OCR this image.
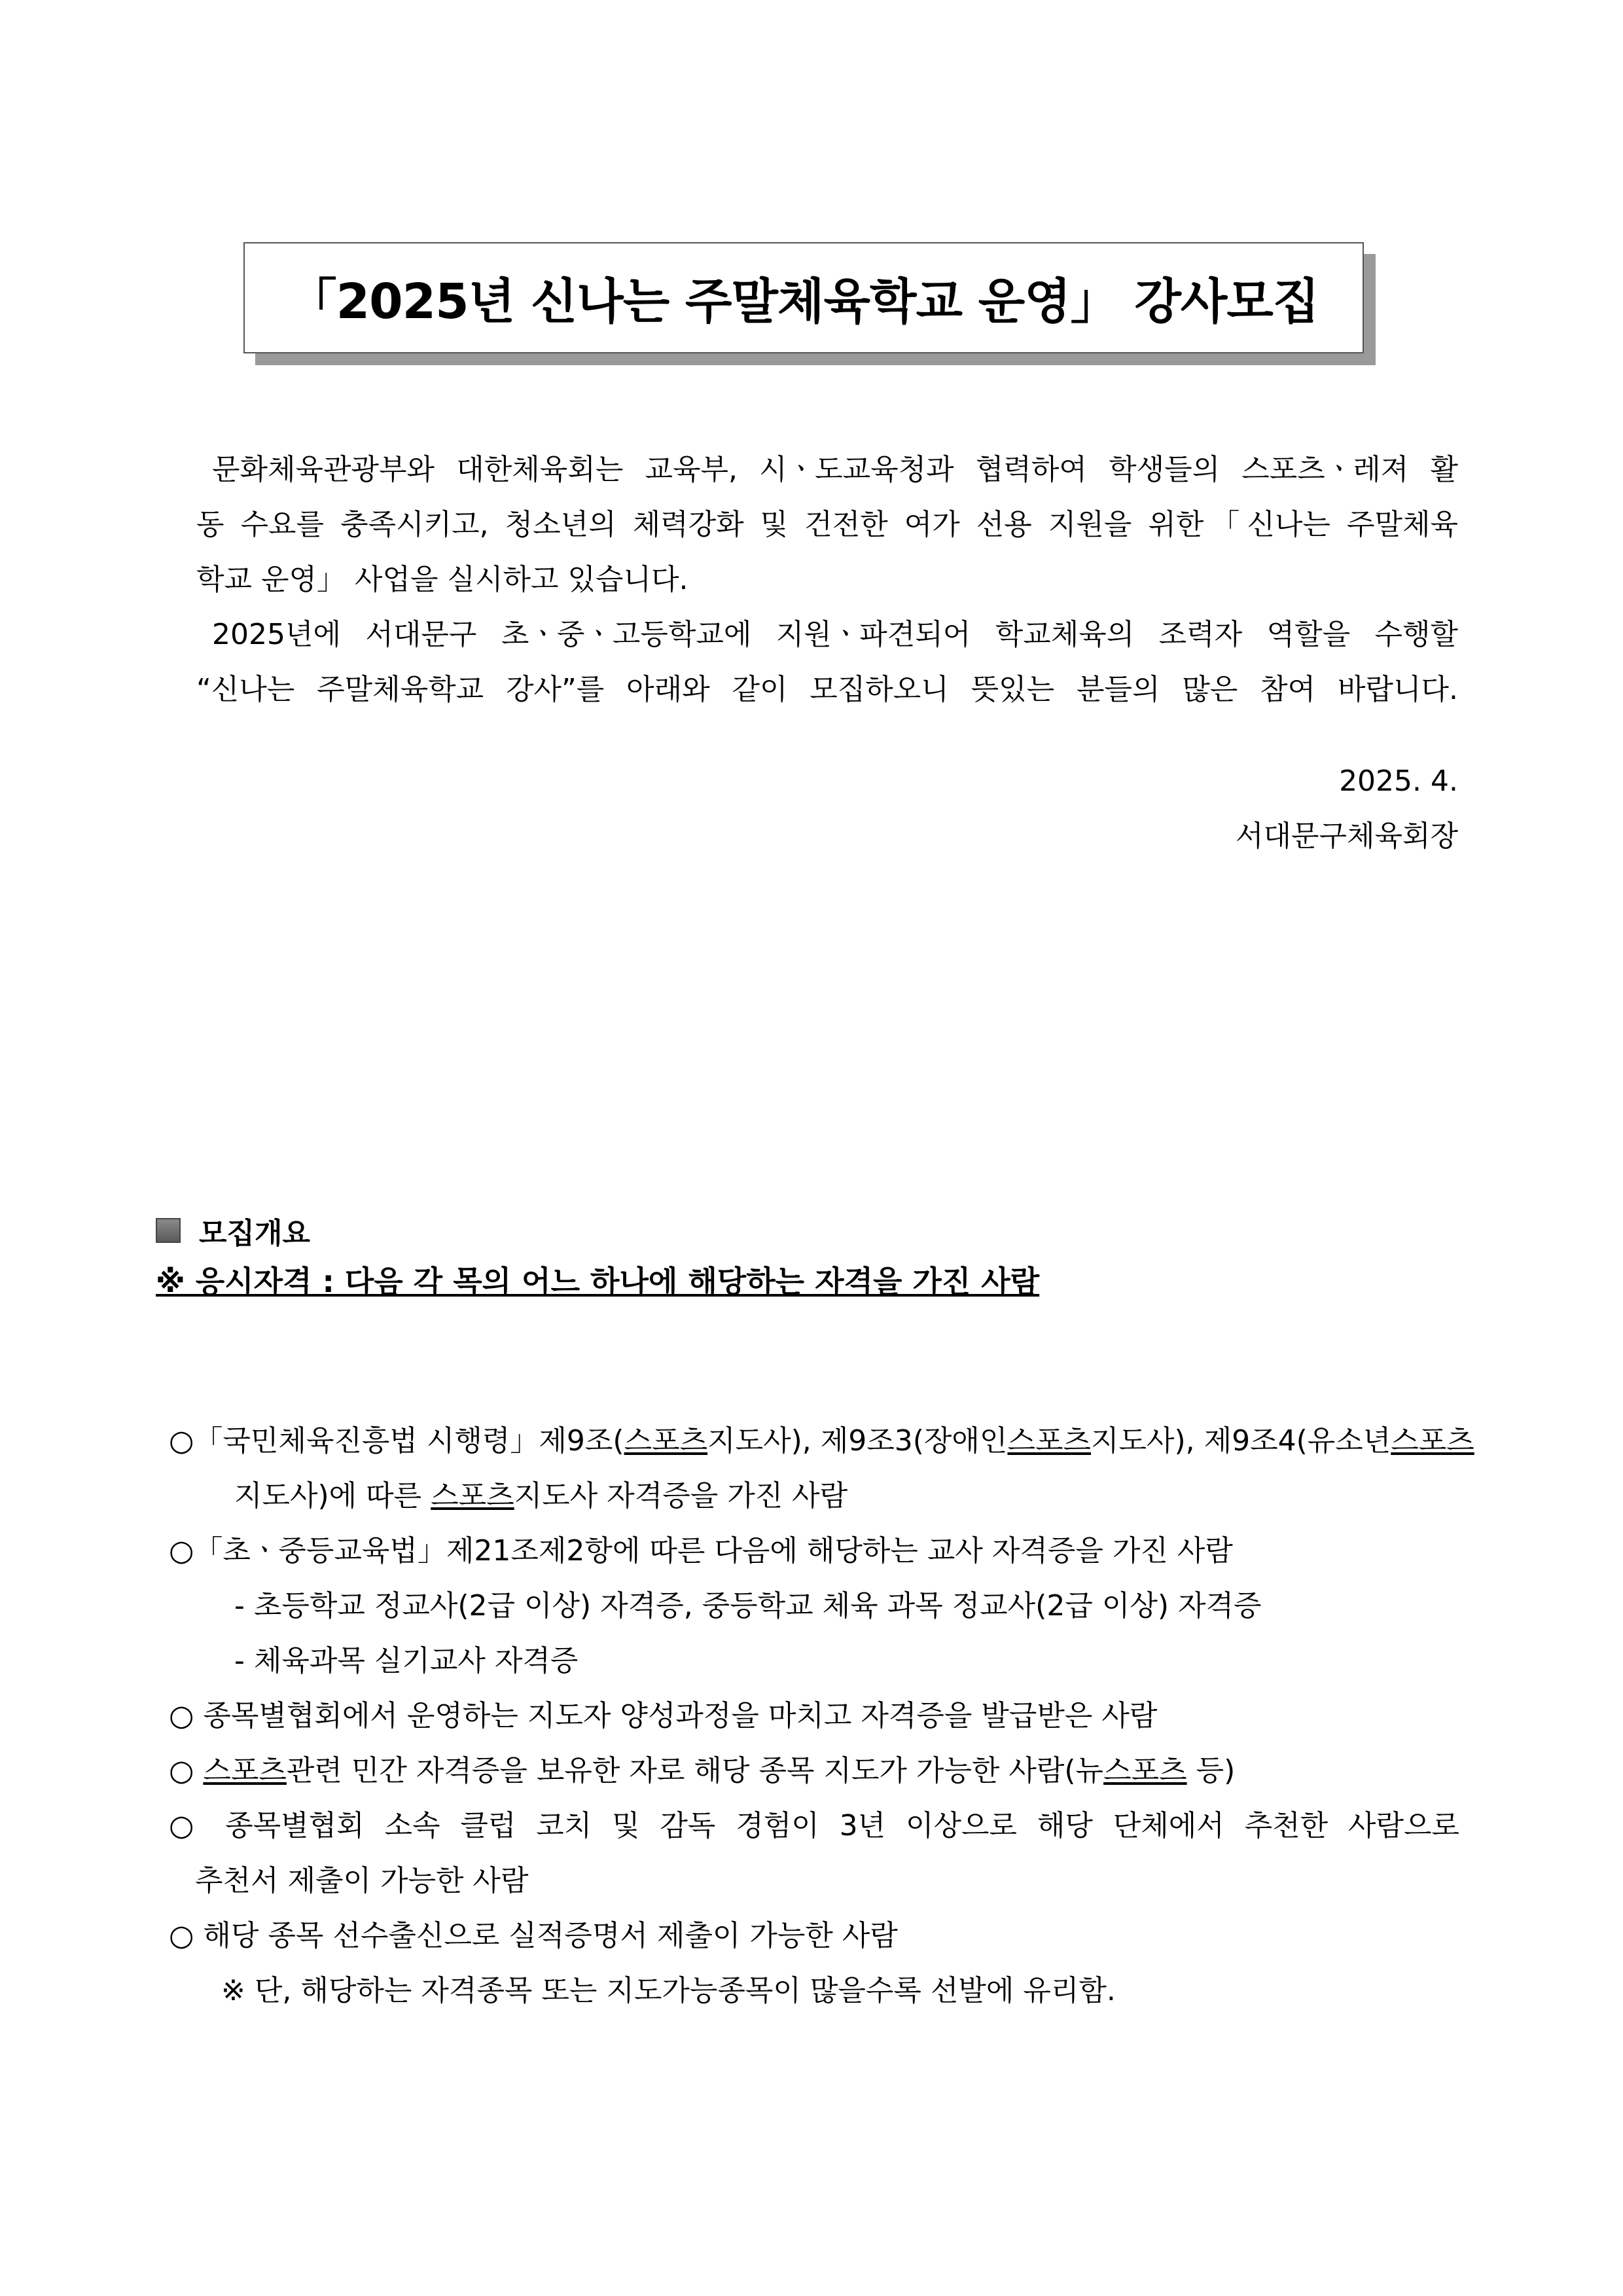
「2025년 신나는 주말체육학교 운영」 강사모집
문화체육관광부와 대한체육회는 교육부, 시ㆍ도교육청과 협력하여 학생들의 스포츠ㆍ레져 활
동 수요를 충족시키고, 청소년의 체력강화 및 건전한 여가 선용 지원을 위한「신나는 주말체육
학교 운영」 사업을 실시하고 있습니다.
2025년에 서대문구 초ㆍ중ㆍ고등학교에 지원ㆍ파견되어 학교체육의 조력자 역할을 수행할
“신나는 주말체육학교 강사”를 아래와 같이 모집하오니 뜻있는 분들의 많은 참여 바랍니다.
2025. 4.
서대문구체육회장
모집개요
※ 응시자격 : 다음 각 목의 어느 하나에 해당하는 자격을 가진 사람
○「국민체육진흥법 시행령」제9조(스포츠지도사), 제9조3(장애인스포츠지도사), 제9조4(유소년스포츠
지도사)에 따른 스포츠지도사 자격증을 가진 사람
○「초ㆍ중등교육법」제21조제2항에 따른 다음에 해당하는 교사 자격증을 가진 사람
- 초등학교 정교사(2급 이상) 자격증, 중등학교 체육 과목 정교사(2급 이상) 자격증
- 체육과목 실기교사 자격증
○ 종목별협회에서 운영하는 지도자 양성과정을 마치고 자격증을 발급받은 사람
○ 스포츠관련 민간 자격증을 보유한 자로 해당 종목 지도가 가능한 사람(뉴스포츠 등)
○ 종목별협회 소속 클럽 코치 및 감독 경험이 3년 이상으로 해당 단체에서 추천한 사람으로
추천서 제출이 가능한 사람
○ 해당 종목 선수출신으로 실적증명서 제출이 가능한 사람
※ 단, 해당하는 자격종목 또는 지도가능종목이 많을수록 선발에 유리함.
